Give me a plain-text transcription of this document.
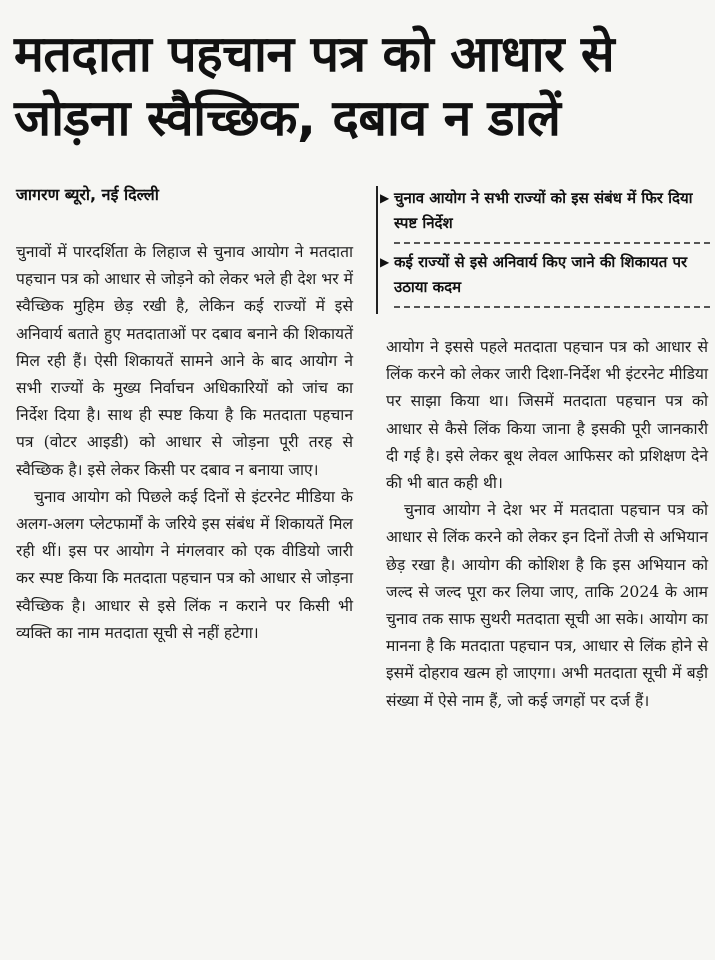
मतदाता पहचान पत्र को आधार से
जोड़ना स्वैच्छिक, दबाव न डालें
जागरण ब्यूरो, नई दिल्ली	▶ चुनाव आयोग ने सभी राज्यों को इस संबंध में फिर दिया स्पष्ट निर्देश
▶ कई राज्यों से इसे अनिवार्य किए जाने की शिकायत पर उठाया कदम

चुनावों में पारदर्शिता के लिहाज से चुनाव आयोग ने मतदाता पहचान पत्र को आधार से जोड़ने को लेकर भले ही देश भर में स्वैच्छिक मुहिम छेड़ रखी है, लेकिन कई राज्यों में इसे अनिवार्य बताते हुए मतदाताओं पर दबाव बनाने की शिकायतें मिल रही हैं। ऐसी शिकायतें सामने आने के बाद आयोग ने सभी राज्यों के मुख्य निर्वाचन अधिकारियों को जांच का निर्देश दिया है। साथ ही स्पष्ट किया है कि मतदाता पहचान पत्र (वोटर आइडी) को आधार से जोड़ना पूरी तरह से स्वैच्छिक है। इसे लेकर किसी पर दबाव न बनाया जाए।

चुनाव आयोग को पिछले कई दिनों से इंटरनेट मीडिया के अलग-अलग प्लेटफार्मों के जरिये इस संबंध में शिकायतें मिल रही थीं। इस पर आयोग ने मंगलवार को एक वीडियो जारी कर स्पष्ट किया कि मतदाता पहचान पत्र को आधार से जोड़ना स्वैच्छिक है। आधार से इसे लिंक न कराने पर किसी भी व्यक्ति का नाम मतदाता सूची से नहीं हटेगा।

आयोग ने इससे पहले मतदाता पहचान पत्र को आधार से लिंक करने को लेकर जारी दिशा-निर्देश भी इंटरनेट मीडिया पर साझा किया था। जिसमें मतदाता पहचान पत्र को आधार से कैसे लिंक किया जाना है इसकी पूरी जानकारी दी गई है। इसे लेकर बूथ लेवल आफिसर को प्रशिक्षण देने की भी बात कही थी।

चुनाव आयोग ने देश भर में मतदाता पहचान पत्र को आधार से लिंक करने को लेकर इन दिनों तेजी से अभियान छेड़ रखा है। आयोग की कोशिश है कि इस अभियान को जल्द से जल्द पूरा कर लिया जाए, ताकि 2024 के आम चुनाव तक साफ सुथरी मतदाता सूची आ सके। आयोग का मानना है कि मतदाता पहचान पत्र, आधार से लिंक होने से इसमें दोहराव खत्म हो जाएगा। अभी मतदाता सूची में बड़ी संख्या में ऐसे नाम हैं, जो कई जगहों पर दर्ज हैं।
